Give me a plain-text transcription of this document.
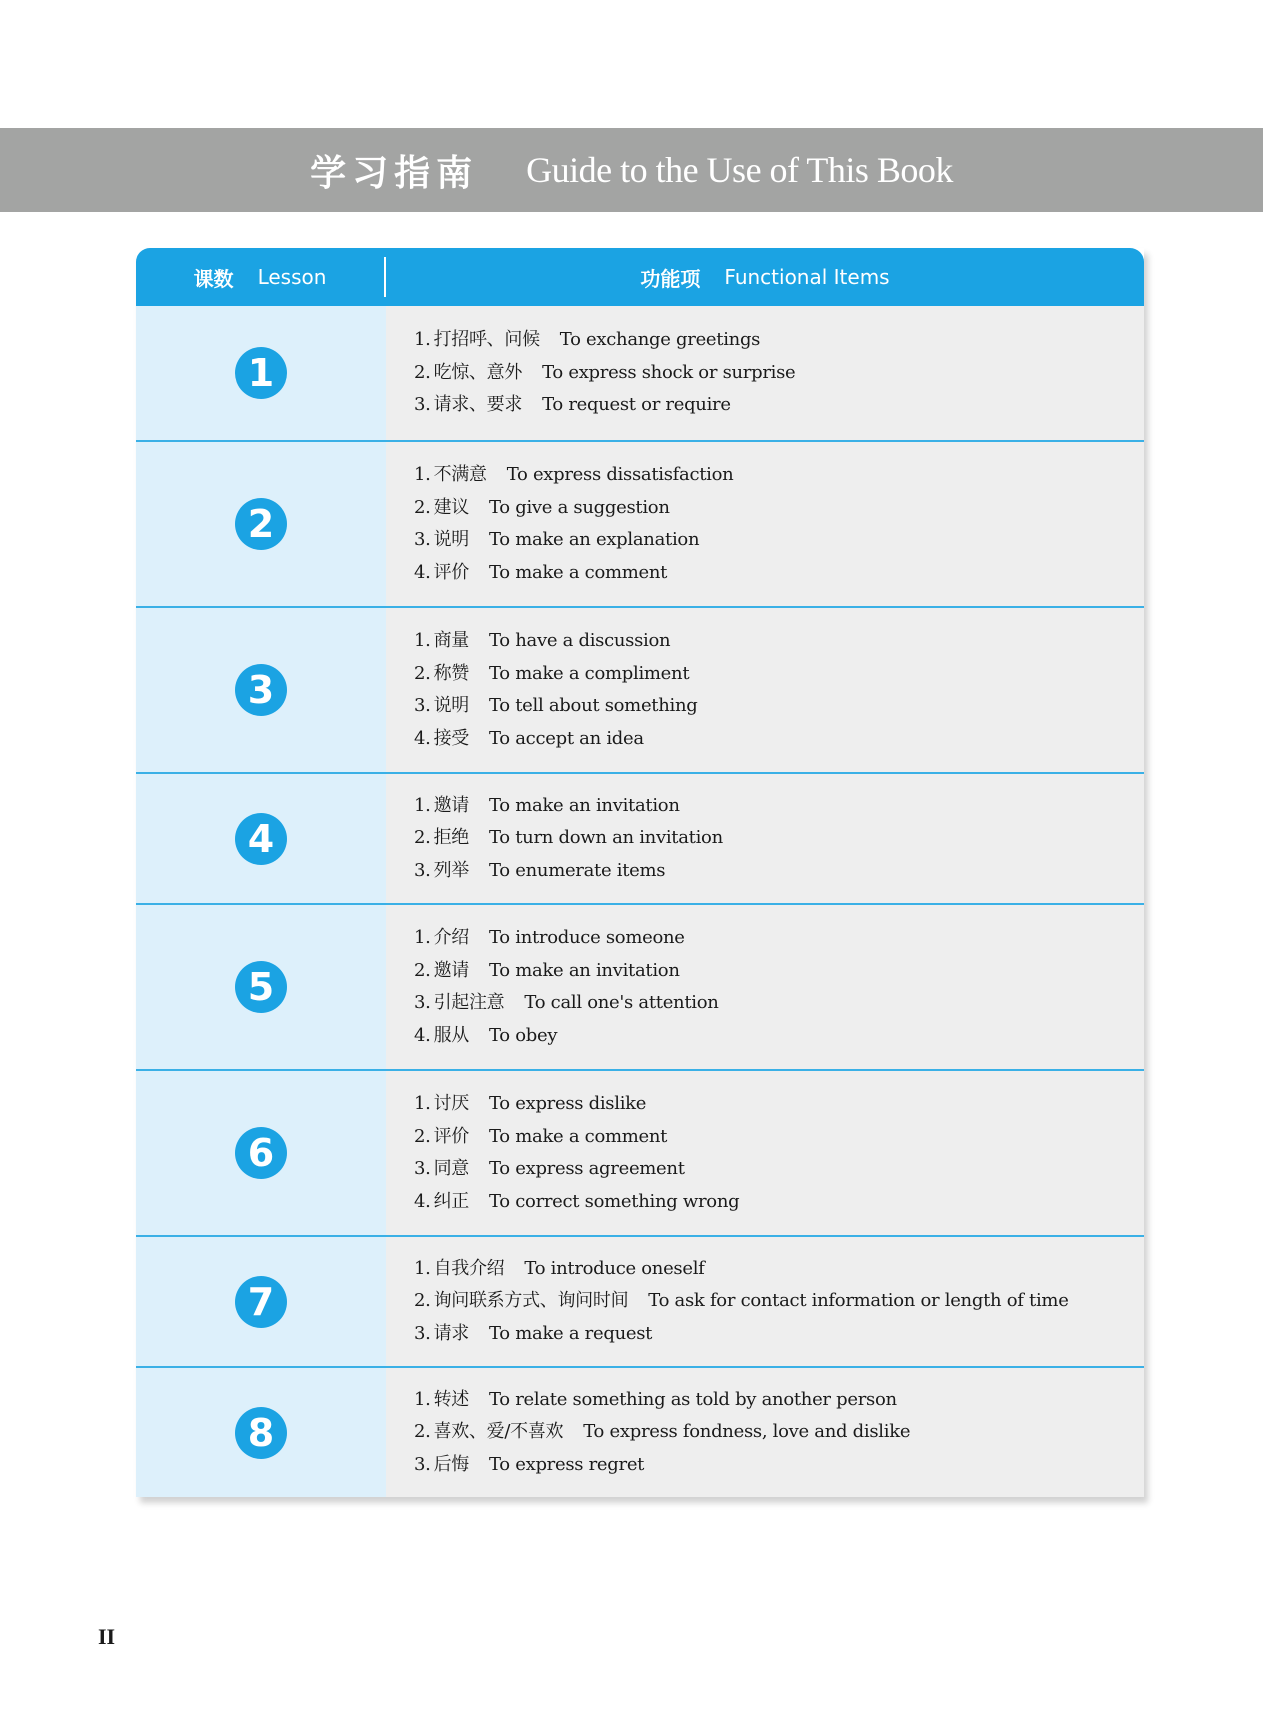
学习指南 Guide to the Use of This Book
课数 Lesson	功能项 Functional Items
1
1. 打招呼、问候 To exchange greetings
2. 吃惊、意外 To express shock or surprise
3. 请求、要求 To request or require
2
1. 不满意 To express dissatisfaction
2. 建议 To give a suggestion
3. 说明 To make an explanation
4. 评价 To make a comment
3
1. 商量 To have a discussion
2. 称赞 To make a compliment
3. 说明 To tell about something
4. 接受 To accept an idea
4
1. 邀请 To make an invitation
2. 拒绝 To turn down an invitation
3. 列举 To enumerate items
5
1. 介绍 To introduce someone
2. 邀请 To make an invitation
3. 引起注意 To call one's attention
4. 服从 To obey
6
1. 讨厌 To express dislike
2. 评价 To make a comment
3. 同意 To express agreement
4. 纠正 To correct something wrong
7
1. 自我介绍 To introduce oneself
2. 询问联系方式、询问时间 To ask for contact information or length of time
3. 请求 To make a request
8
1. 转述 To relate something as told by another person
2. 喜欢、爱/不喜欢 To express fondness, love and dislike
3. 后悔 To express regret
II
